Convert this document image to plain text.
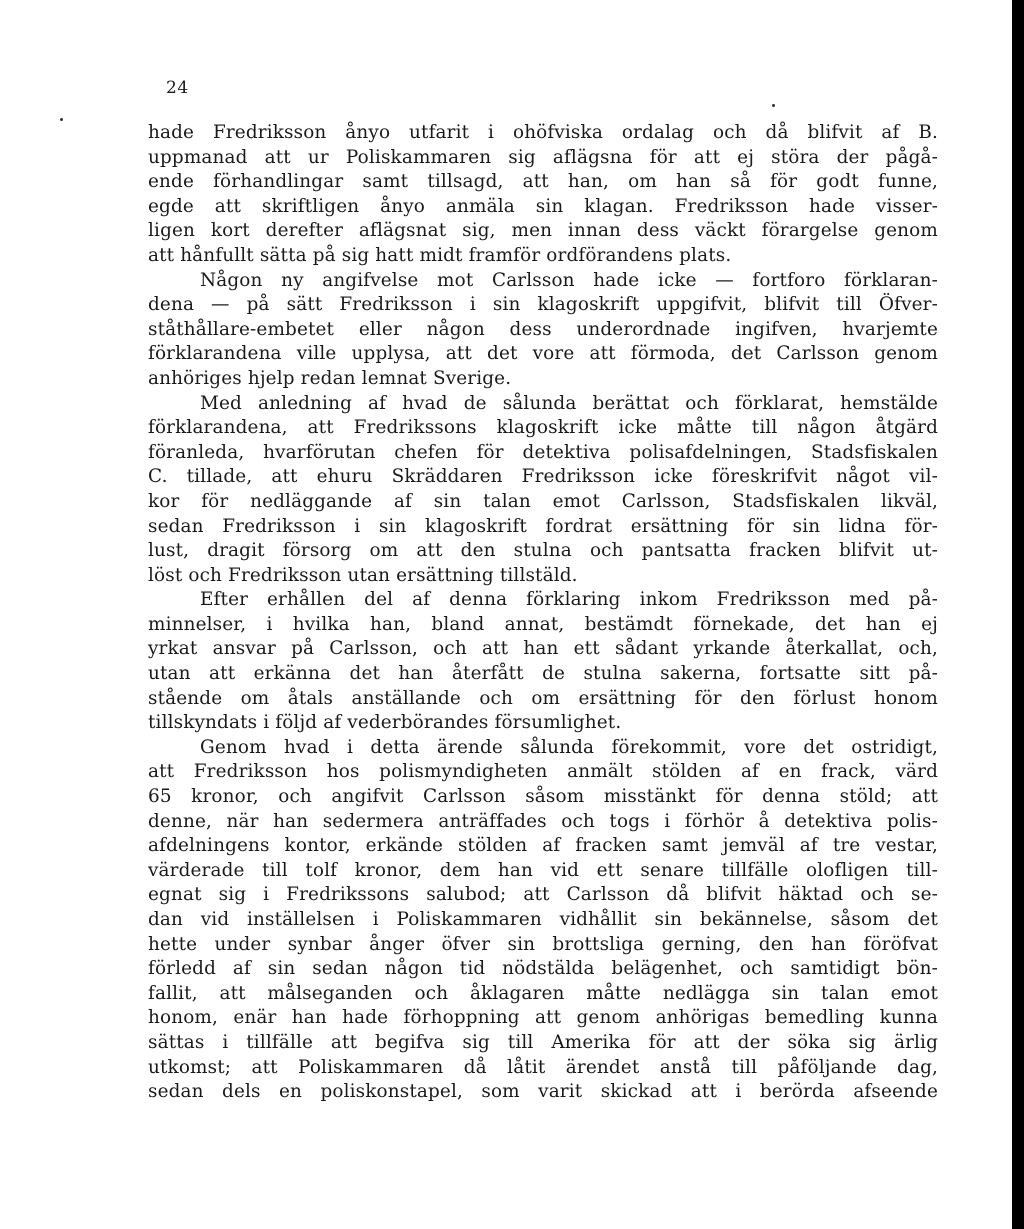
24
hade Fredriksson ånyo utfarit i ohöfviska ordalag och då blifvit af B.
uppmanad att ur Poliskammaren sig aflägsna för att ej störa der pågå-
ende förhandlingar samt tillsagd, att han, om han så för godt funne,
egde att skriftligen ånyo anmäla sin klagan. Fredriksson hade visser-
ligen kort derefter aflägsnat sig, men innan dess väckt förargelse genom
att hånfullt sätta på sig hatt midt framför ordförandens plats.
Någon ny angifvelse mot Carlsson hade icke — fortforo förklaran-
dena — på sätt Fredriksson i sin klagoskrift uppgifvit, blifvit till Öfver-
ståthållare-embetet eller någon dess underordnade ingifven, hvarjemte
förklarandena ville upplysa, att det vore att förmoda, det Carlsson genom
anhöriges hjelp redan lemnat Sverige.
Med anledning af hvad de sålunda berättat och förklarat, hemstälde
förklarandena, att Fredrikssons klagoskrift icke måtte till någon åtgärd
föranleda, hvarförutan chefen för detektiva polisafdelningen, Stadsfiskalen
C. tillade, att ehuru Skräddaren Fredriksson icke föreskrifvit något vil-
kor för nedläggande af sin talan emot Carlsson, Stadsfiskalen likväl,
sedan Fredriksson i sin klagoskrift fordrat ersättning för sin lidna för-
lust, dragit försorg om att den stulna och pantsatta fracken blifvit ut-
löst och Fredriksson utan ersättning tillstäld.
Efter erhållen del af denna förklaring inkom Fredriksson med på-
minnelser, i hvilka han, bland annat, bestämdt förnekade, det han ej
yrkat ansvar på Carlsson, och att han ett sådant yrkande återkallat, och,
utan att erkänna det han återfått de stulna sakerna, fortsatte sitt på-
stående om åtals anställande och om ersättning för den förlust honom
tillskyndats i följd af vederbörandes försumlighet.
Genom hvad i detta ärende sålunda förekommit, vore det ostridigt,
att Fredriksson hos polismyndigheten anmält stölden af en frack, värd
65 kronor, och angifvit Carlsson såsom misstänkt för denna stöld; att
denne, när han sedermera anträffades och togs i förhör å detektiva polis-
afdelningens kontor, erkände stölden af fracken samt jemväl af tre vestar,
värderade till tolf kronor, dem han vid ett senare tillfälle olofligen till-
egnat sig i Fredrikssons salubod; att Carlsson då blifvit häktad och se-
dan vid inställelsen i Poliskammaren vidhållit sin bekännelse, såsom det
hette under synbar ånger öfver sin brottsliga gerning, den han föröfvat
förledd af sin sedan någon tid nödstälda belägenhet, och samtidigt bön-
fallit, att målseganden och åklagaren måtte nedlägga sin talan emot
honom, enär han hade förhoppning att genom anhörigas bemedling kunna
sättas i tillfälle att begifva sig till Amerika för att der söka sig ärlig
utkomst; att Poliskammaren då låtit ärendet anstå till påföljande dag,
sedan dels en poliskonstapel, som varit skickad att i berörda afseende
